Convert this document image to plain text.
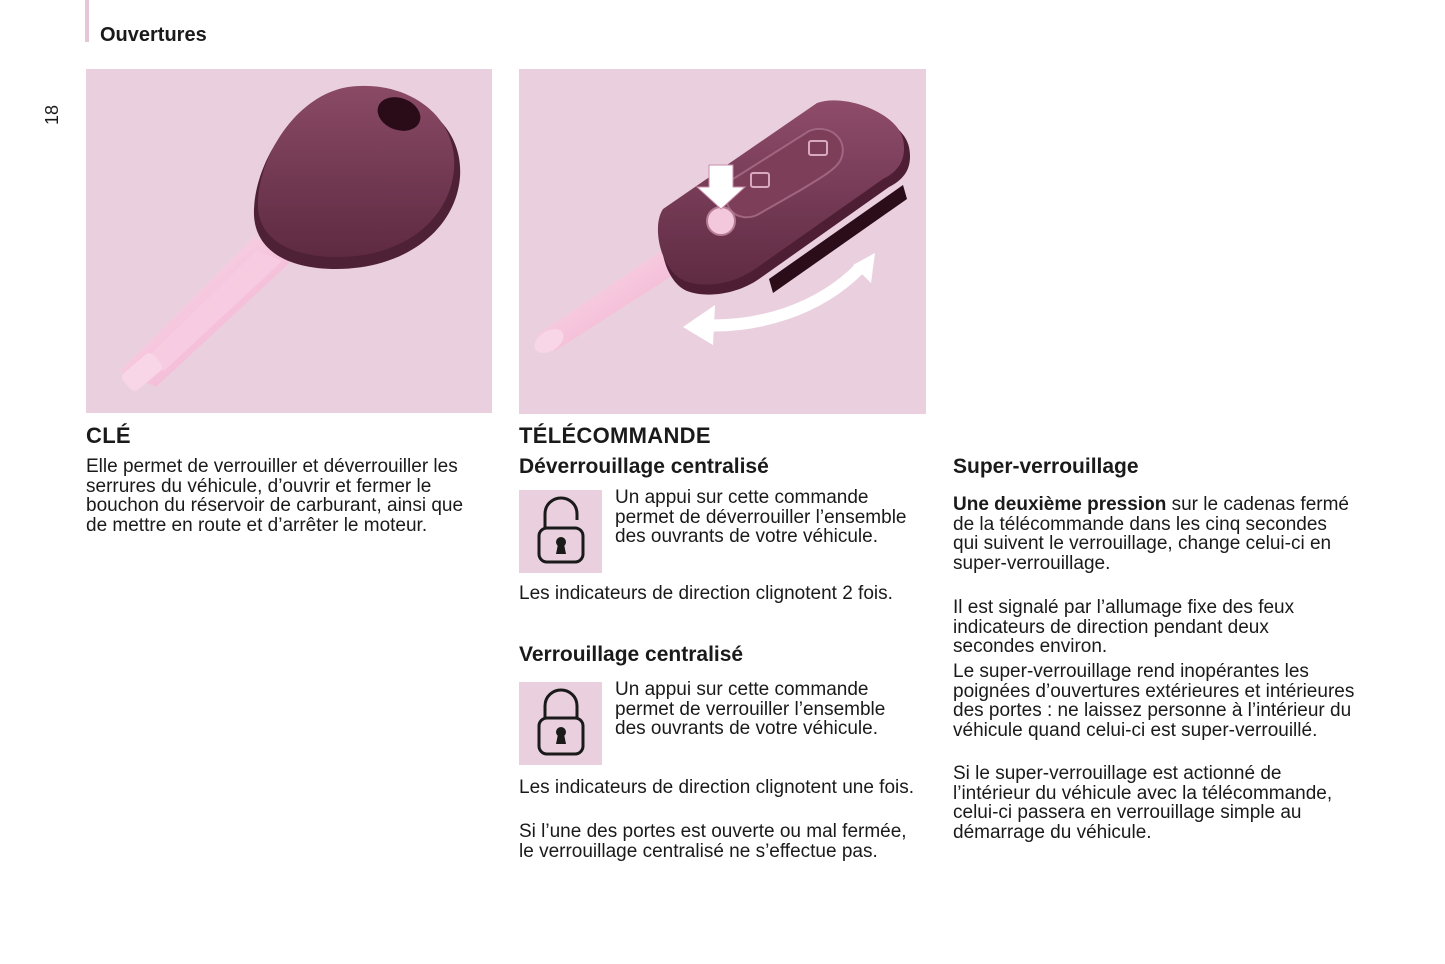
Ouvertures
18
CLÉ

Elle permet de verrouiller et déverrouiller les serrures du véhicule, d’ouvrir et fermer le bouchon du réservoir de carburant, ainsi que de mettre en route et d’arrêter le moteur.

TÉLÉCOMMANDE
Déverrouillage centralisé

Un appui sur cette commande permet de déverrouiller l’ensemble des ouvrants de votre véhicule.

Les indicateurs de direction clignotent 2 fois.

Verrouillage centralisé

Un appui sur cette commande permet de verrouiller l’ensemble des ouvrants de votre véhicule.

Les indicateurs de direction clignotent une fois.

Si l’une des portes est ouverte ou mal fermée, le verrouillage centralisé ne s’effectue pas.

Super-verrouillage

Une deuxième pression sur le cadenas fermé de la télécommande dans les cinq secondes qui suivent le verrouillage, change celui-ci en super-verrouillage.

Il est signalé par l’allumage fixe des feux indicateurs de direction pendant deux secondes environ.

Le super-verrouillage rend inopérantes les poignées d’ouvertures extérieures et intérieures des portes : ne laissez personne à l’intérieur du véhicule quand celui-ci est super-verrouillé.

Si le super-verrouillage est actionné de l’intérieur du véhicule avec la télécommande, celui-ci passera en verrouillage simple au démarrage du véhicule.
